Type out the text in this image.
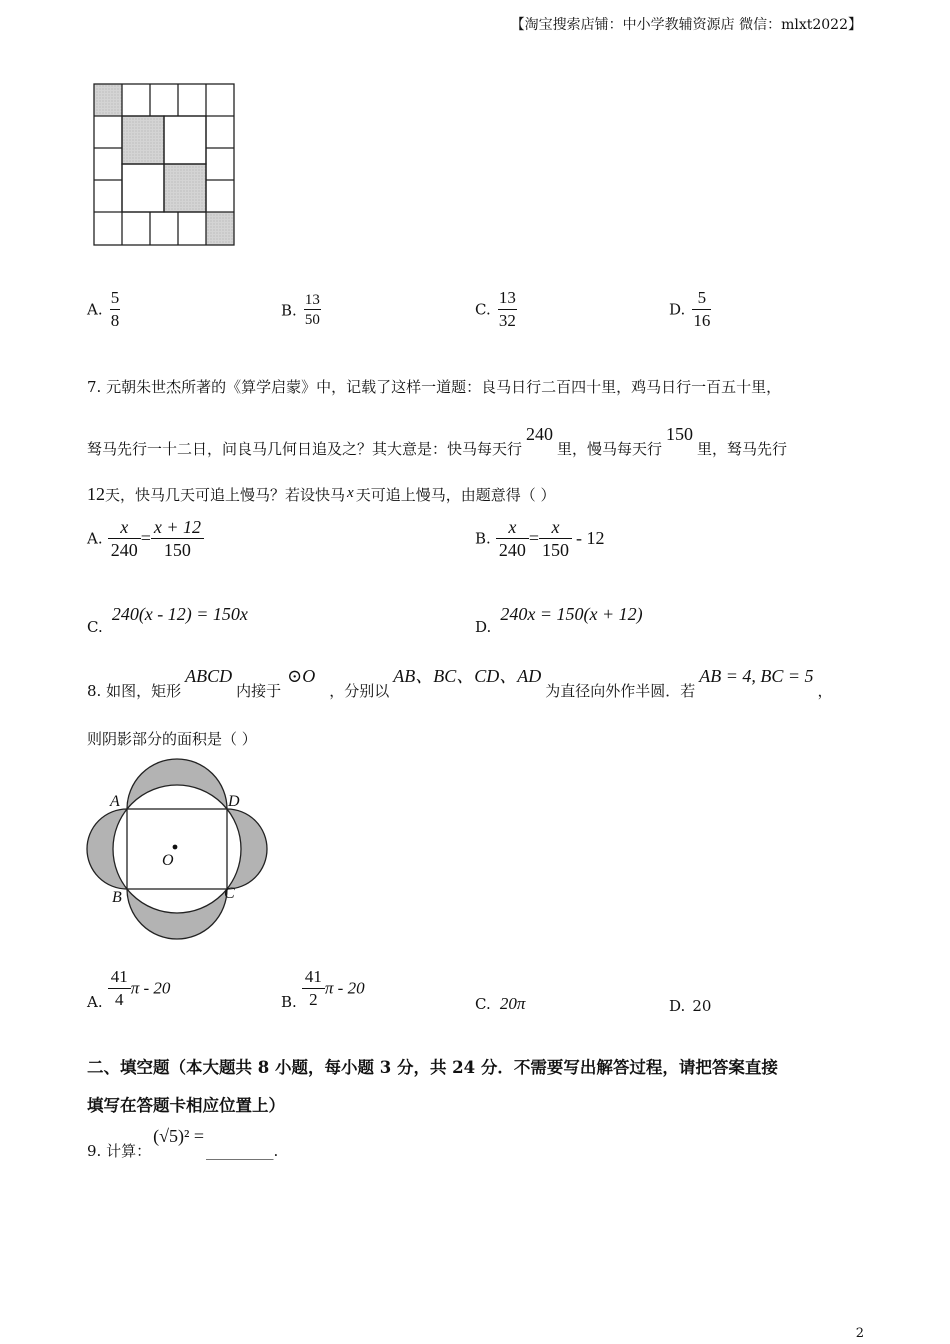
【淘宝搜索店铺：中小学教辅资源店 微信：mlxt2022】
A. $\frac{5}{8}$	B. $\frac{13}{50}$	C. $\frac{13}{32}$	D. $\frac{5}{16}$
7. 元朝朱世杰所著的《算学启蒙》中，记载了这样一道题：良马日行二百四十里，鸡马日行一百五十里，
驽马先行一十二日，问良马几何日追及之？其大意是：快马每天行240里，慢马每天行150里，驽马先行
12天，快马几天可追上慢马？若设快马 x 天可追上慢马，由题意得（ ）
A. $\frac{x}{240} = \frac{x + 12}{150}$	B. $\frac{x}{240} = \frac{x}{150} - 12$
C. 240(x - 12) = 150x
D. 240x = 150(x + 12)
8. 如图，矩形ABCD内接于⊙O，分别以AB、BC、CD、AD为直径向外作半圆．若AB = 4, BC = 5，
则阴影部分的面积是（ ）
A	D
B	C
O
A. $\frac{41}{4}$ π - 20
B. $\frac{41}{2}$ π - 20
C. 20π	D. 20
二、填空题（本大题共 8 小题，每小题 3 分，共 24 分．不需要写出解答过程，请把答案直接
填写在答题卡相应位置上）
9. 计算：(√5)² =_________.
2
